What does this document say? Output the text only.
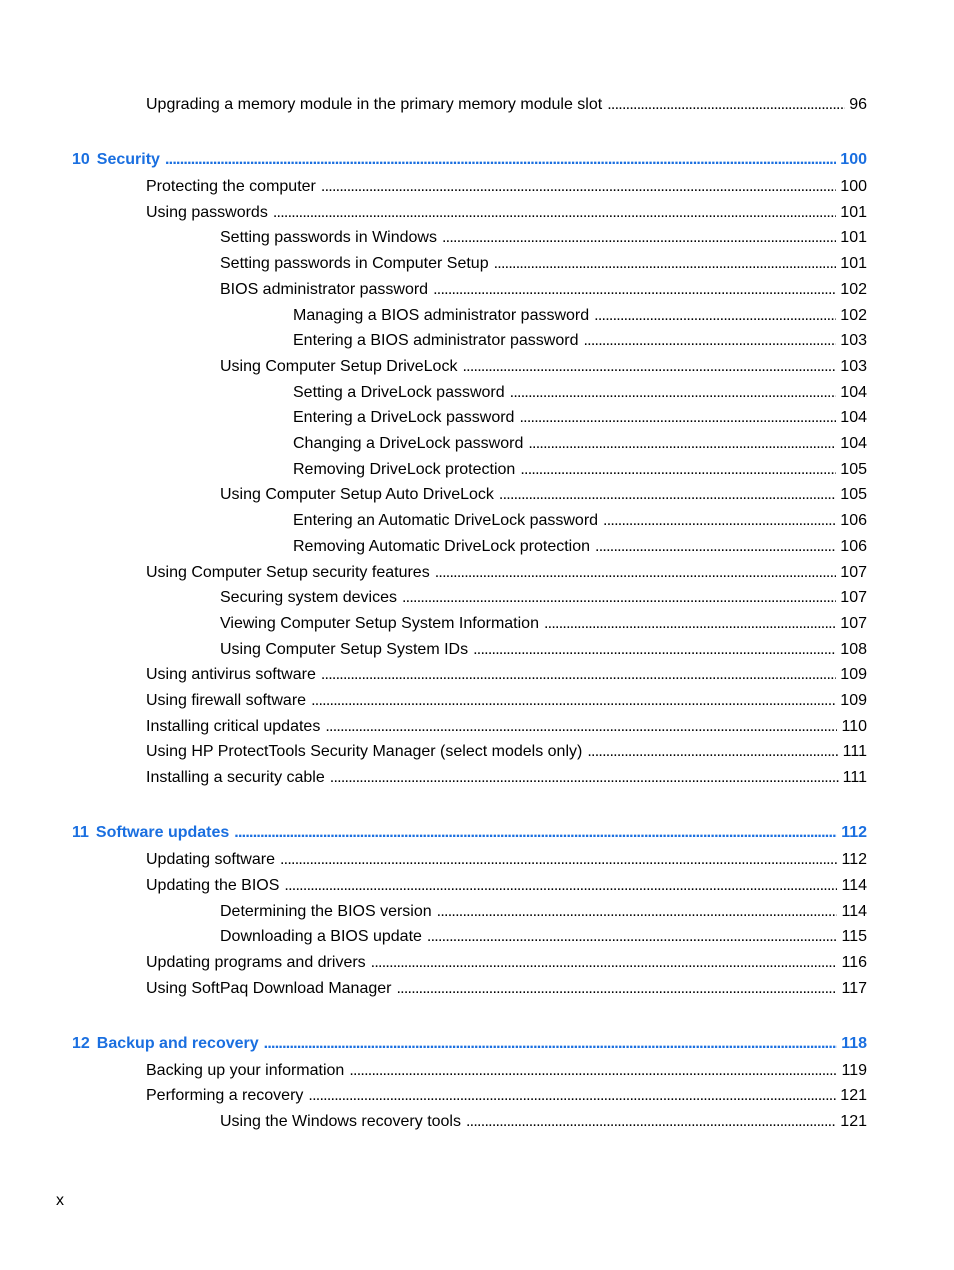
Upgrading a memory module in the primary memory module slot . . .	96
10 Security . . .	100
Protecting the computer . . .	100
Using passwords . . .	101
Setting passwords in Windows . . .	101
Setting passwords in Computer Setup . . .	101
BIOS administrator password . . .	102
Managing a BIOS administrator password . . .	102
Entering a BIOS administrator password . . .	103
Using Computer Setup DriveLock . . .	103
Setting a DriveLock password . . .	104
Entering a DriveLock password . . .	104
Changing a DriveLock password . . .	104
Removing DriveLock protection . . .	105
Using Computer Setup Auto DriveLock . . .	105
Entering an Automatic DriveLock password . . .	106
Removing Automatic DriveLock protection . . .	106
Using Computer Setup security features . . .	107
Securing system devices . . .	107
Viewing Computer Setup System Information . . .	107
Using Computer Setup System IDs . . .	108
Using antivirus software . . .	109
Using firewall software . . .	109
Installing critical updates . . .	110
Using HP ProtectTools Security Manager (select models only) . . .	111
Installing a security cable . . .	111
11 Software updates . . .	112
Updating software . . .	112
Updating the BIOS . . .	114
Determining the BIOS version . . .	114
Downloading a BIOS update . . .	115
Updating programs and drivers . . .	116
Using SoftPaq Download Manager . . .	117
12 Backup and recovery . . .	118
Backing up your information . . .	119
Performing a recovery . . .	121
Using the Windows recovery tools . . .	121
x
